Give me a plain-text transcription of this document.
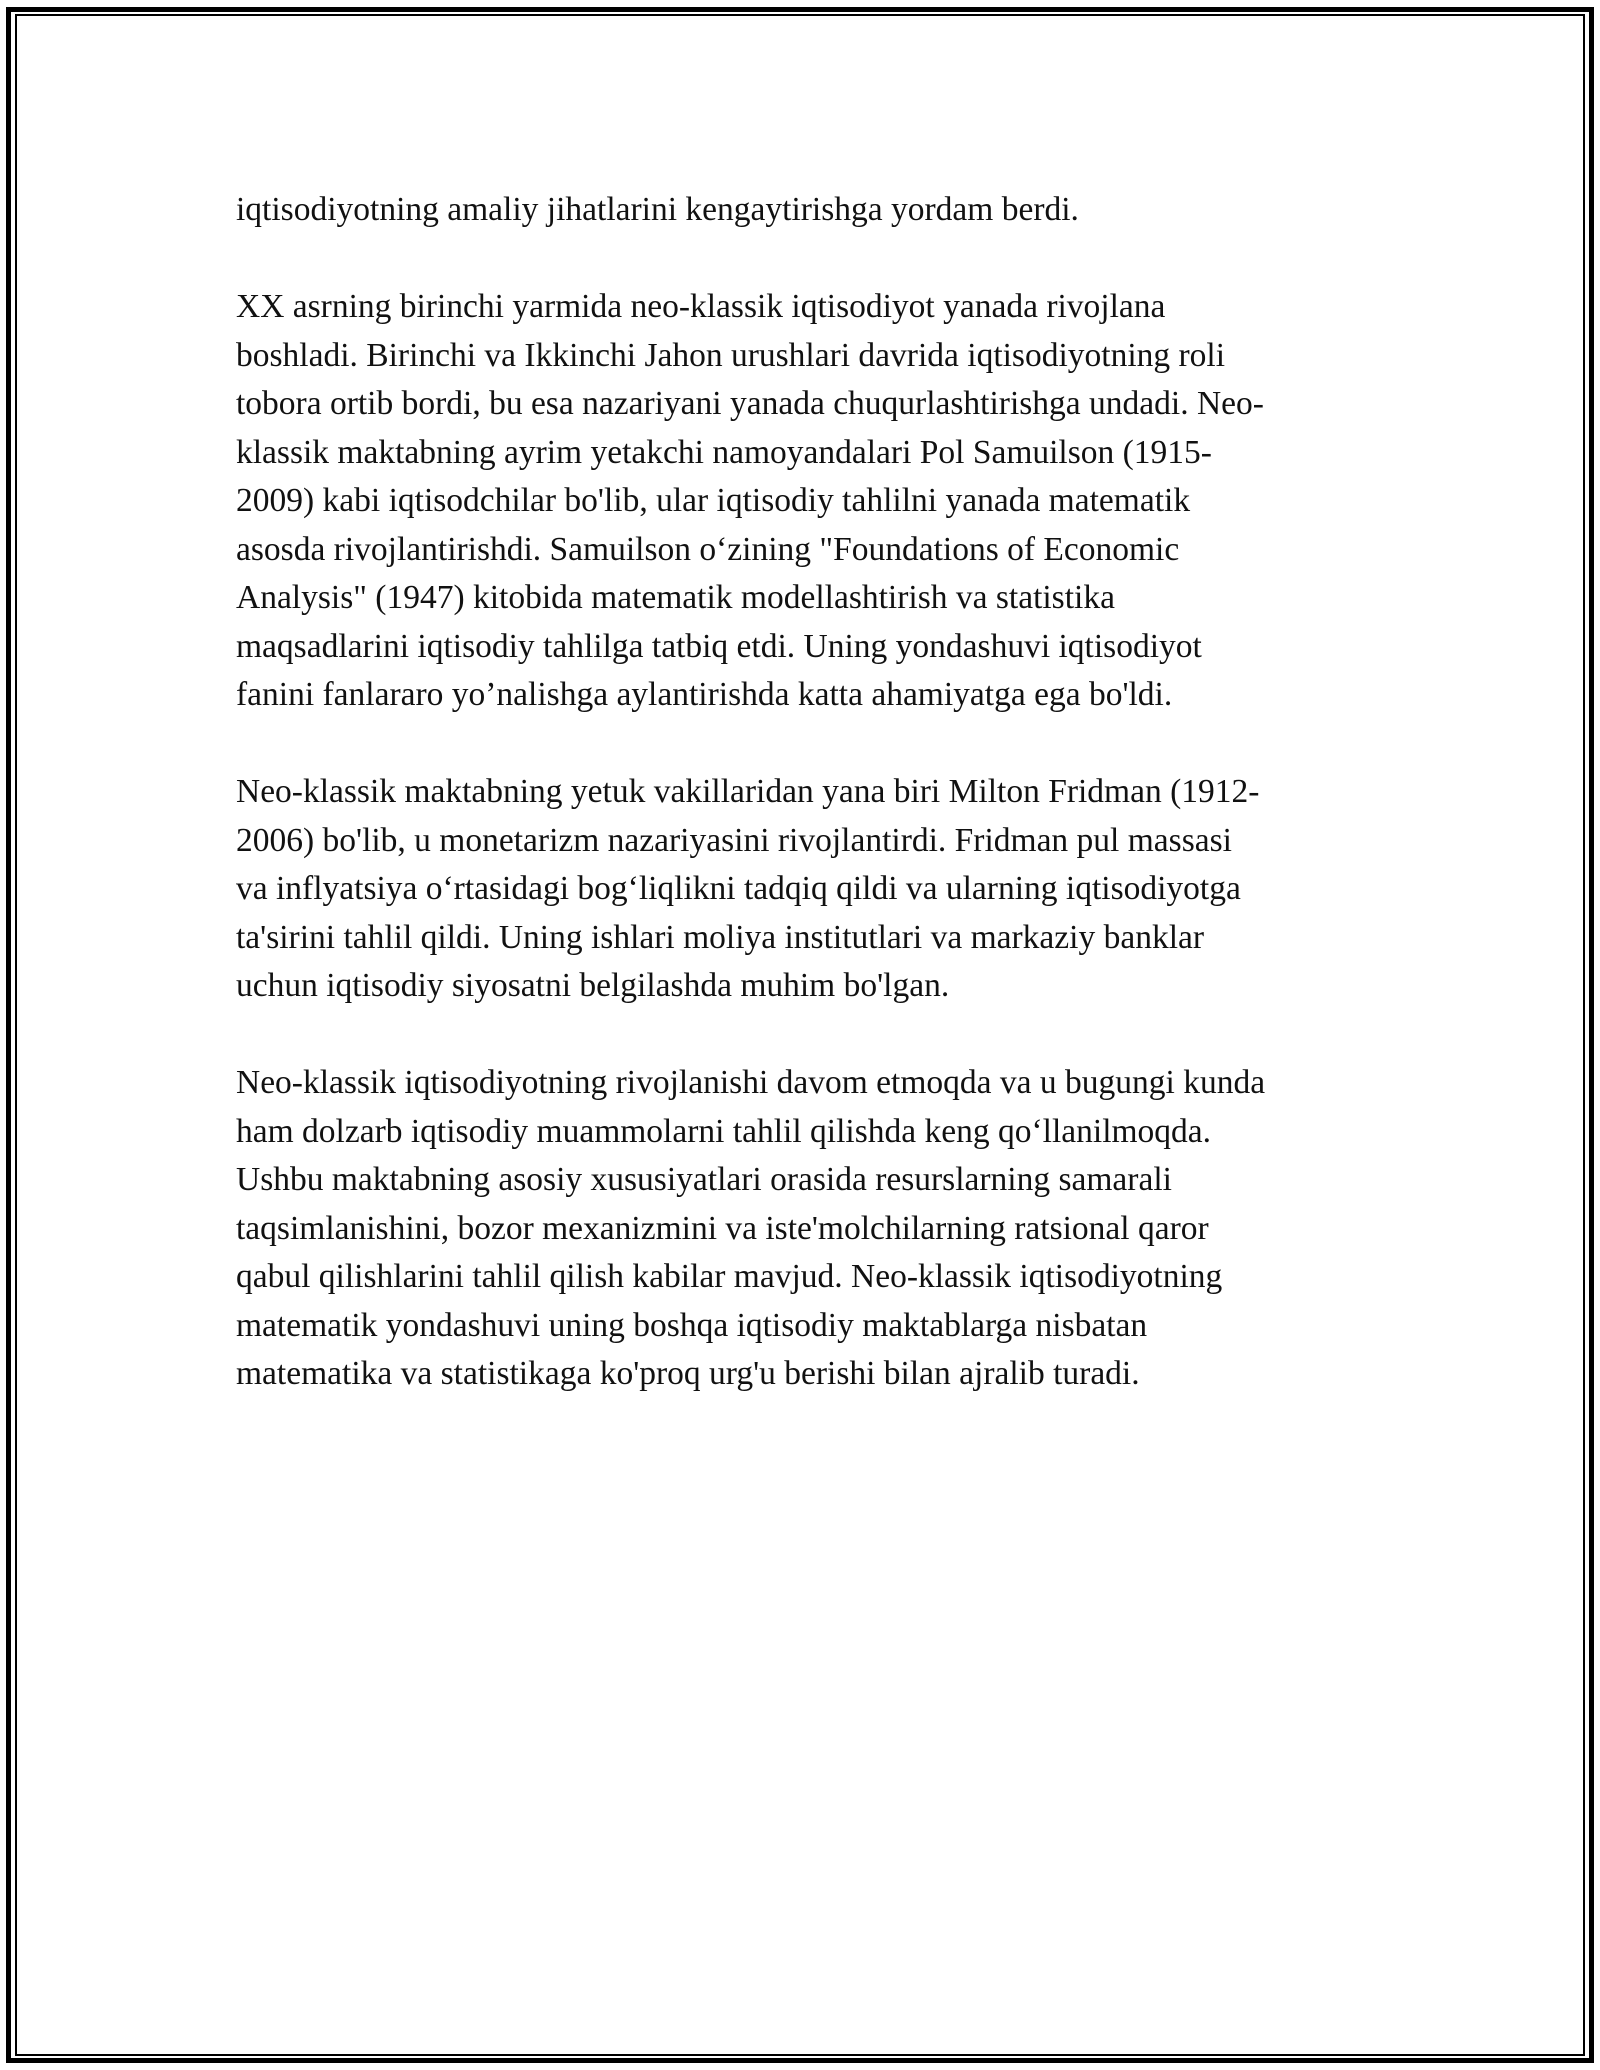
iqtisodiyotning amaliy jihatlarini kengaytirishga yordam berdi.

XX asrning birinchi yarmida neo-klassik iqtisodiyot yanada rivojlana
boshladi. Birinchi va Ikkinchi Jahon urushlari davrida iqtisodiyotning roli
tobora ortib bordi, bu esa nazariyani yanada chuqurlashtirishga undadi. Neo-
klassik maktabning ayrim yetakchi namoyandalari Pol Samuilson (1915-
2009) kabi iqtisodchilar bo'lib, ular iqtisodiy tahlilni yanada matematik
asosda rivojlantirishdi. Samuilson o‘zining "Foundations of Economic
Analysis" (1947) kitobida matematik modellashtirish va statistika
maqsadlarini iqtisodiy tahlilga tatbiq etdi. Uning yondashuvi iqtisodiyot
fanini fanlararo yo’nalishga aylantirishda katta ahamiyatga ega bo'ldi.

Neo-klassik maktabning yetuk vakillaridan yana biri Milton Fridman (1912-
2006) bo'lib, u monetarizm nazariyasini rivojlantirdi. Fridman pul massasi
va inflyatsiya o‘rtasidagi bog‘liqlikni tadqiq qildi va ularning iqtisodiyotga
ta'sirini tahlil qildi. Uning ishlari moliya institutlari va markaziy banklar
uchun iqtisodiy siyosatni belgilashda muhim bo'lgan.

Neo-klassik iqtisodiyotning rivojlanishi davom etmoqda va u bugungi kunda
ham dolzarb iqtisodiy muammolarni tahlil qilishda keng qo‘llanilmoqda.
Ushbu maktabning asosiy xususiyatlari orasida resurslarning samarali
taqsimlanishini, bozor mexanizmini va iste'molchilarning ratsional qaror
qabul qilishlarini tahlil qilish kabilar mavjud. Neo-klassik iqtisodiyotning
matematik yondashuvi uning boshqa iqtisodiy maktablarga nisbatan
matematika va statistikaga ko'proq urg'u berishi bilan ajralib turadi.
